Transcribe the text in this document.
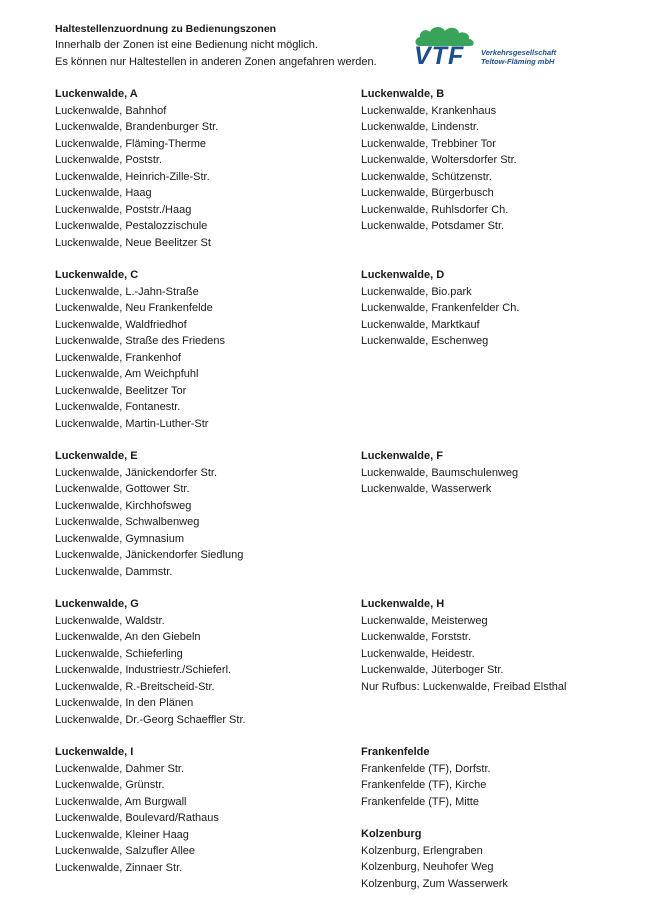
Haltestellenzuordnung zu Bedienungszonen
Innerhalb der Zonen ist eine Bedienung nicht möglich.
Es können nur Haltestellen in anderen Zonen angefahren werden.	VTF Verkehrsgesellschaft
Teltow-Fläming mbH
Luckenwalde, A
Luckenwalde, Bahnhof
Luckenwalde, Brandenburger Str.
Luckenwalde, Fläming-Therme
Luckenwalde, Poststr.
Luckenwalde, Heinrich-Zille-Str.
Luckenwalde, Haag
Luckenwalde, Poststr./Haag
Luckenwalde, Pestalozzischule
Luckenwalde, Neue Beelitzer St
Luckenwalde, B
Luckenwalde, Krankenhaus
Luckenwalde, Lindenstr.
Luckenwalde, Trebbiner Tor
Luckenwalde, Woltersdorfer Str.
Luckenwalde, Schützenstr.
Luckenwalde, Bürgerbusch
Luckenwalde, Ruhlsdorfer Ch.
Luckenwalde, Potsdamer Str.
Luckenwalde, C
Luckenwalde, L.-Jahn-Straße
Luckenwalde, Neu Frankenfelde
Luckenwalde, Waldfriedhof
Luckenwalde, Straße des Friedens
Luckenwalde, Frankenhof
Luckenwalde, Am Weichpfuhl
Luckenwalde, Beelitzer Tor
Luckenwalde, Fontanestr.
Luckenwalde, Martin-Luther-Str
Luckenwalde, D
Luckenwalde, Bio.park
Luckenwalde, Frankenfelder Ch.
Luckenwalde, Marktkauf
Luckenwalde, Eschenweg
Luckenwalde, E
Luckenwalde, Jänickendorfer Str.
Luckenwalde, Gottower Str.
Luckenwalde, Kirchhofsweg
Luckenwalde, Schwalbenweg
Luckenwalde, Gymnasium
Luckenwalde, Jänickendorfer Siedlung
Luckenwalde, Dammstr.
Luckenwalde, F
Luckenwalde, Baumschulenweg
Luckenwalde, Wasserwerk
Luckenwalde, G
Luckenwalde, Waldstr.
Luckenwalde, An den Giebeln
Luckenwalde, Schieferling
Luckenwalde, Industriestr./Schieferl.
Luckenwalde, R.-Breitscheid-Str.
Luckenwalde, In den Plänen
Luckenwalde, Dr.-Georg Schaeffler Str.
Luckenwalde, H
Luckenwalde, Meisterweg
Luckenwalde, Forststr.
Luckenwalde, Heidestr.
Luckenwalde, Jüterboger Str.
Nur Rufbus: Luckenwalde, Freibad Elsthal
Luckenwalde, I
Luckenwalde, Dahmer Str.
Luckenwalde, Grünstr.
Luckenwalde, Am Burgwall
Luckenwalde, Boulevard/Rathaus
Luckenwalde, Kleiner Haag
Luckenwalde, Salzufler Allee
Luckenwalde, Zinnaer Str.
Frankenfelde
Frankenfelde (TF), Dorfstr.
Frankenfelde (TF), Kirche
Frankenfelde (TF), Mitte
Kolzenburg
Kolzenburg, Erlengraben
Kolzenburg, Neuhofer Weg
Kolzenburg, Zum Wasserwerk
